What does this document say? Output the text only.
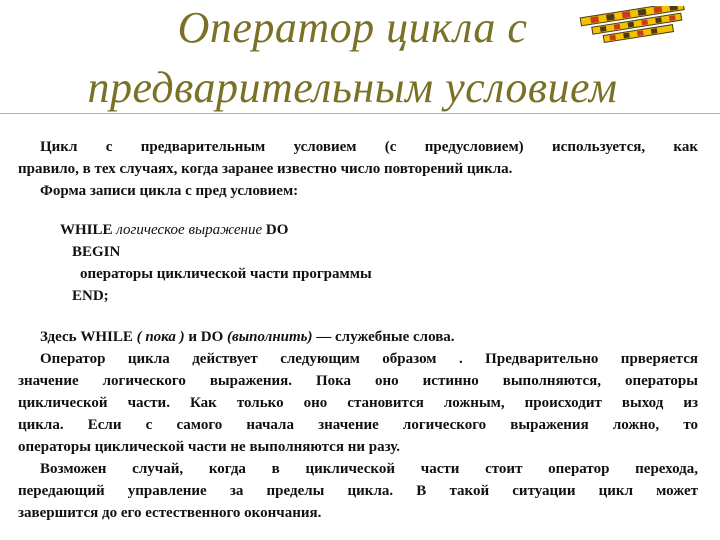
Оператор цикла с
предварительным условием
Цикл с предварительным условием (с предусловием) используется, как
правило, в тех случаях, когда заранее известно число повторений цикла.
Форма записи цикла с пред условием:
WHILE логическое выражение DO
BEGIN
операторы циклической части программы
END;
Здесь WHILE ( пока ) и DO (выполнить) — служебные слова.
Оператор цикла действует следующим образом . Предварительно прверяется
значение логического выражения. Пока оно истинно выполняются, операторы
циклической части. Как только оно становится ложным, происходит выход из
цикла. Если с самого начала значение логического выражения ложно, то
операторы циклической части не выполняются ни разу.
Возможен случай, когда в циклической части стоит оператор перехода,
передающий управление за пределы цикла. В такой ситуации цикл может
завершится до его естественного окончания.
